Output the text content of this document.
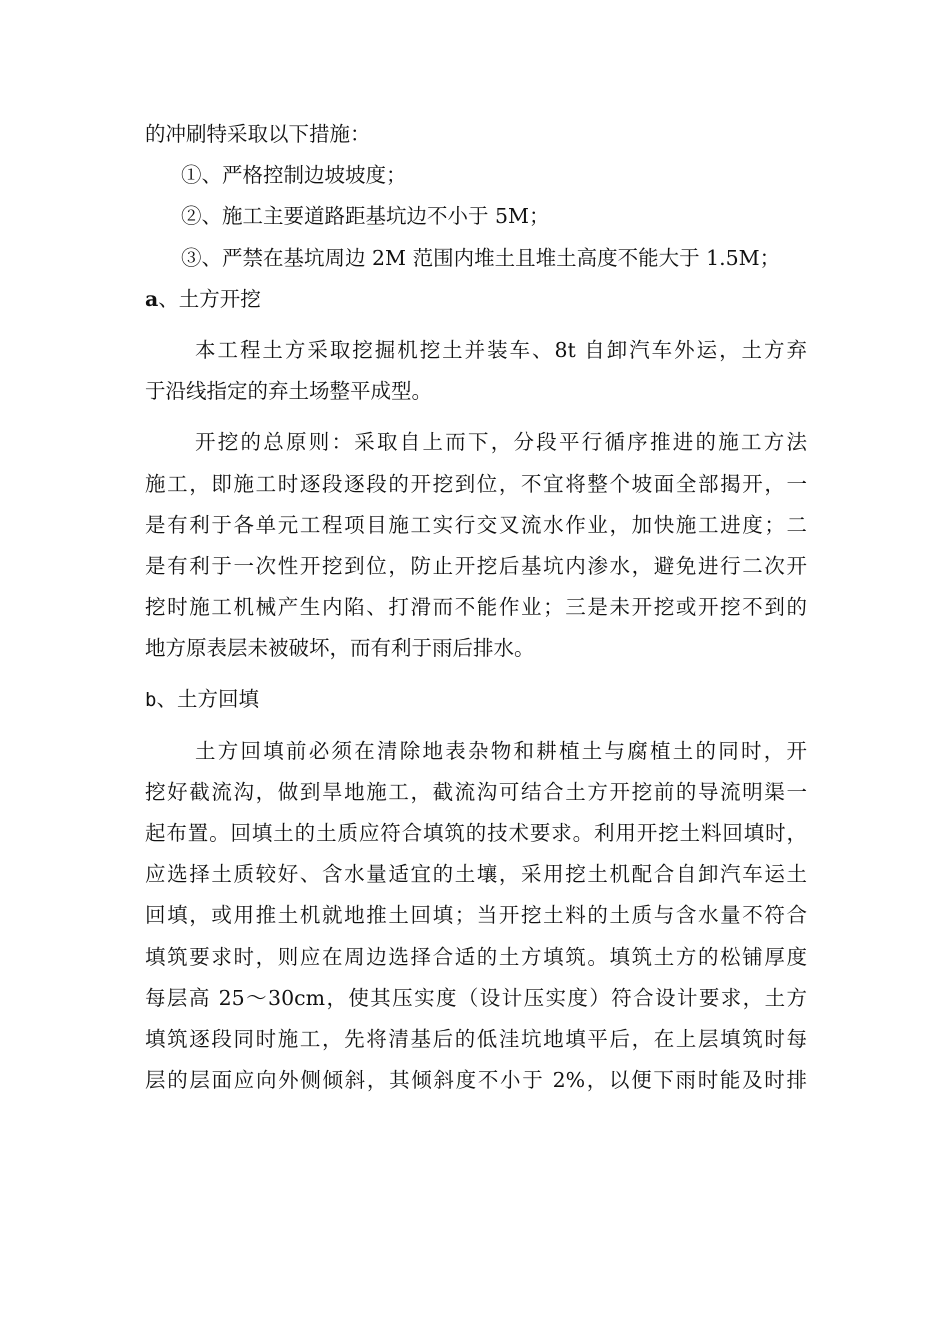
的冲刷特采取以下措施：
①、严格控制边坡坡度；
②、施工主要道路距基坑边不小于 5M；
③、严禁在基坑周边 2M 范围内堆土且堆土高度不能大于 1.5M；
a、土方开挖
本工程土方采取挖掘机挖土并装车、8t 自卸汽车外运，土方弃
于沿线指定的弃土场整平成型。
开挖的总原则：采取自上而下，分段平行循序推进的施工方法
施工，即施工时逐段逐段的开挖到位，不宜将整个坡面全部揭开，一
是有利于各单元工程项目施工实行交叉流水作业，加快施工进度；二
是有利于一次性开挖到位，防止开挖后基坑内渗水，避免进行二次开
挖时施工机械产生内陷、打滑而不能作业；三是未开挖或开挖不到的
地方原表层未被破坏，而有利于雨后排水。
b、土方回填
土方回填前必须在清除地表杂物和耕植土与腐植土的同时，开
挖好截流沟，做到旱地施工，截流沟可结合土方开挖前的导流明渠一
起布置。回填土的土质应符合填筑的技术要求。利用开挖土料回填时，
应选择土质较好、含水量适宜的土壤，采用挖土机配合自卸汽车运土
回填，或用推土机就地推土回填；当开挖土料的土质与含水量不符合
填筑要求时，则应在周边选择合适的土方填筑。填筑土方的松铺厚度
每层高 25～30cm，使其压实度（设计压实度）符合设计要求，土方
填筑逐段同时施工，先将清基后的低洼坑地填平后，在上层填筑时每
层的层面应向外侧倾斜，其倾斜度不小于 2%，以便下雨时能及时排
